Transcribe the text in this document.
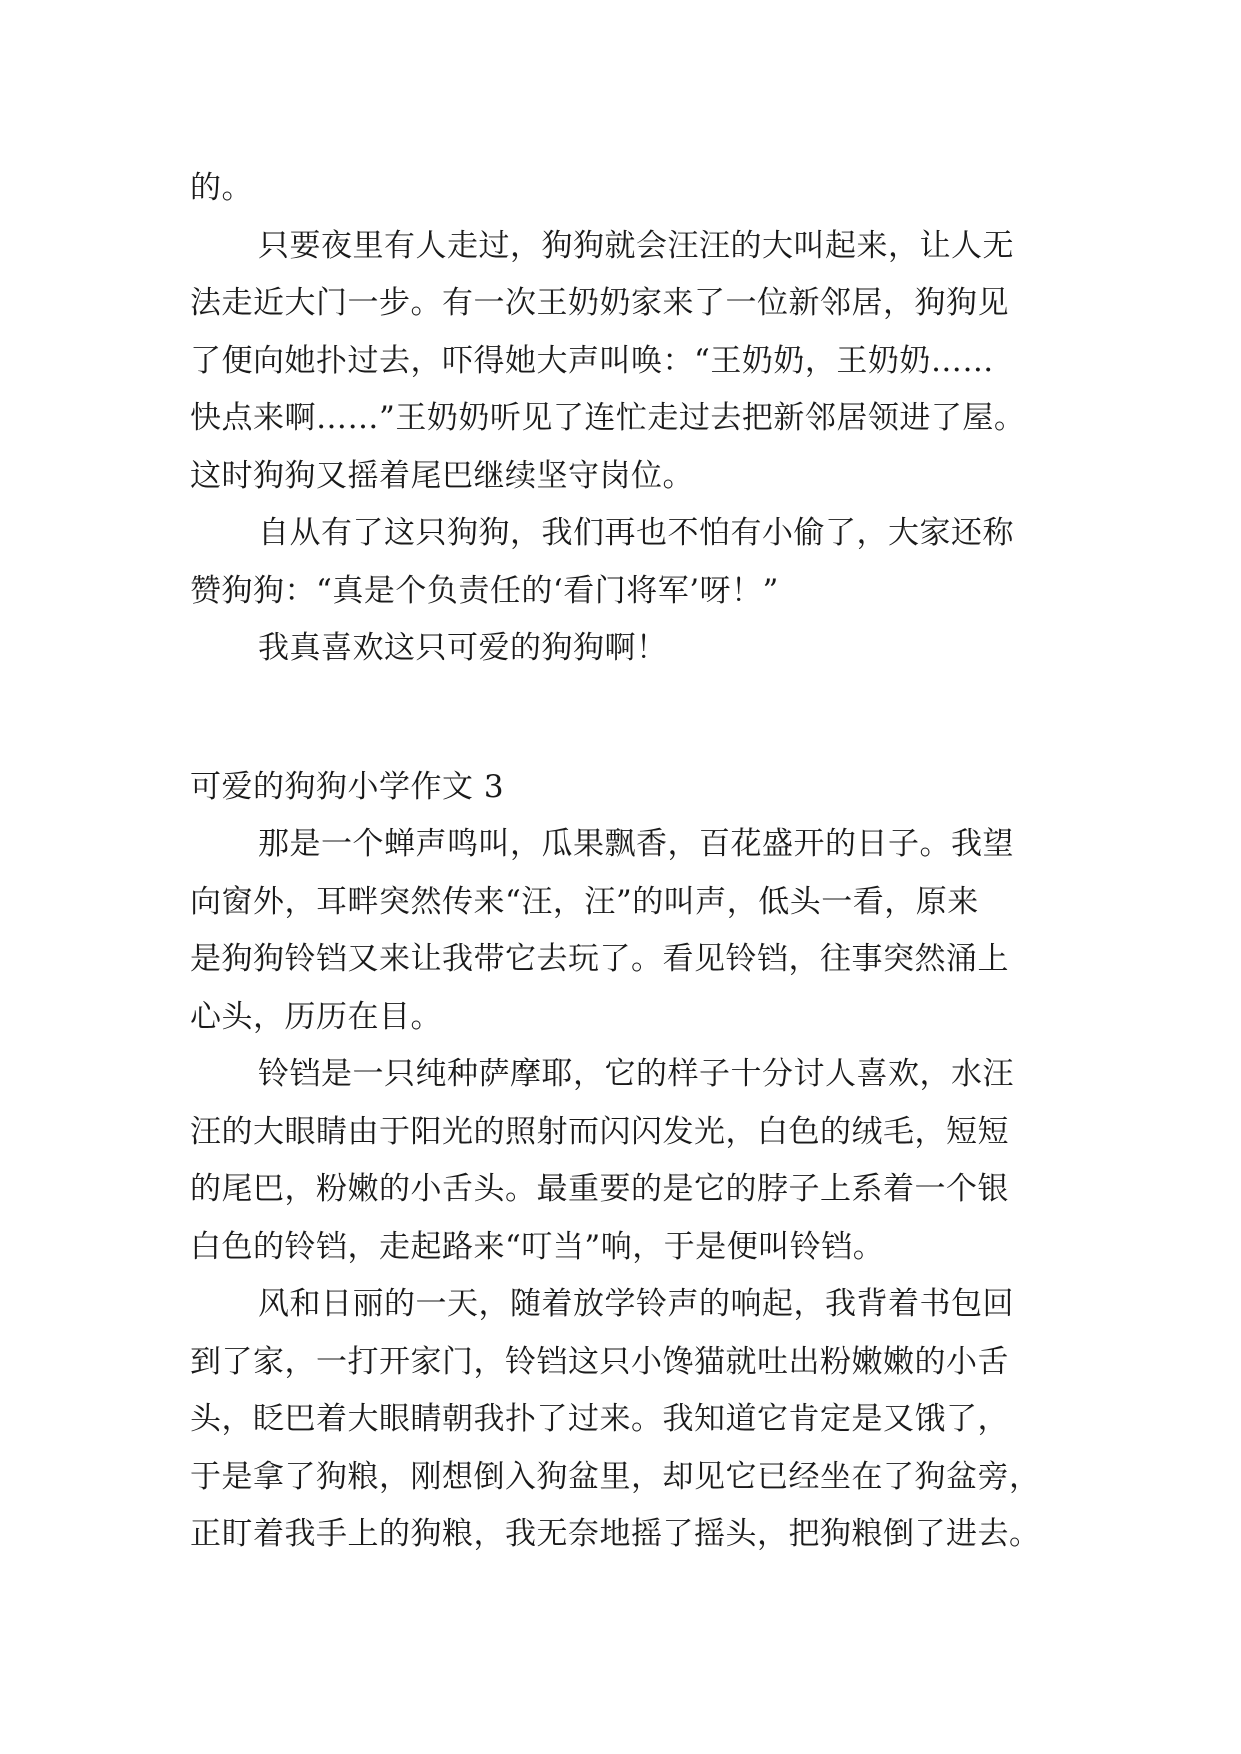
的。
只要夜里有人走过，狗狗就会汪汪的大叫起来，让人无
法走近大门一步。有一次王奶奶家来了一位新邻居，狗狗见
了便向她扑过去，吓得她大声叫唤：“王奶奶，王奶奶……
快点来啊……”王奶奶听见了连忙走过去把新邻居领进了屋。
这时狗狗又摇着尾巴继续坚守岗位。
自从有了这只狗狗，我们再也不怕有小偷了，大家还称
赞狗狗：“真是个负责任的‘看门将军’呀！”
我真喜欢这只可爱的狗狗啊！
可爱的狗狗小学作文 3
那是一个蝉声鸣叫，瓜果飘香，百花盛开的日子。我望
向窗外，耳畔突然传来“汪，汪”的叫声，低头一看，原来
是狗狗铃铛又来让我带它去玩了。看见铃铛，往事突然涌上
心头，历历在目。
铃铛是一只纯种萨摩耶，它的样子十分讨人喜欢，水汪
汪的大眼睛由于阳光的照射而闪闪发光，白色的绒毛，短短
的尾巴，粉嫩的小舌头。最重要的是它的脖子上系着一个银
白色的铃铛，走起路来“叮当”响，于是便叫铃铛。
风和日丽的一天，随着放学铃声的响起，我背着书包回
到了家，一打开家门，铃铛这只小馋猫就吐出粉嫩嫩的小舌
头，眨巴着大眼睛朝我扑了过来。我知道它肯定是又饿了，
于是拿了狗粮，刚想倒入狗盆里，却见它已经坐在了狗盆旁，
正盯着我手上的狗粮，我无奈地摇了摇头，把狗粮倒了进去。
